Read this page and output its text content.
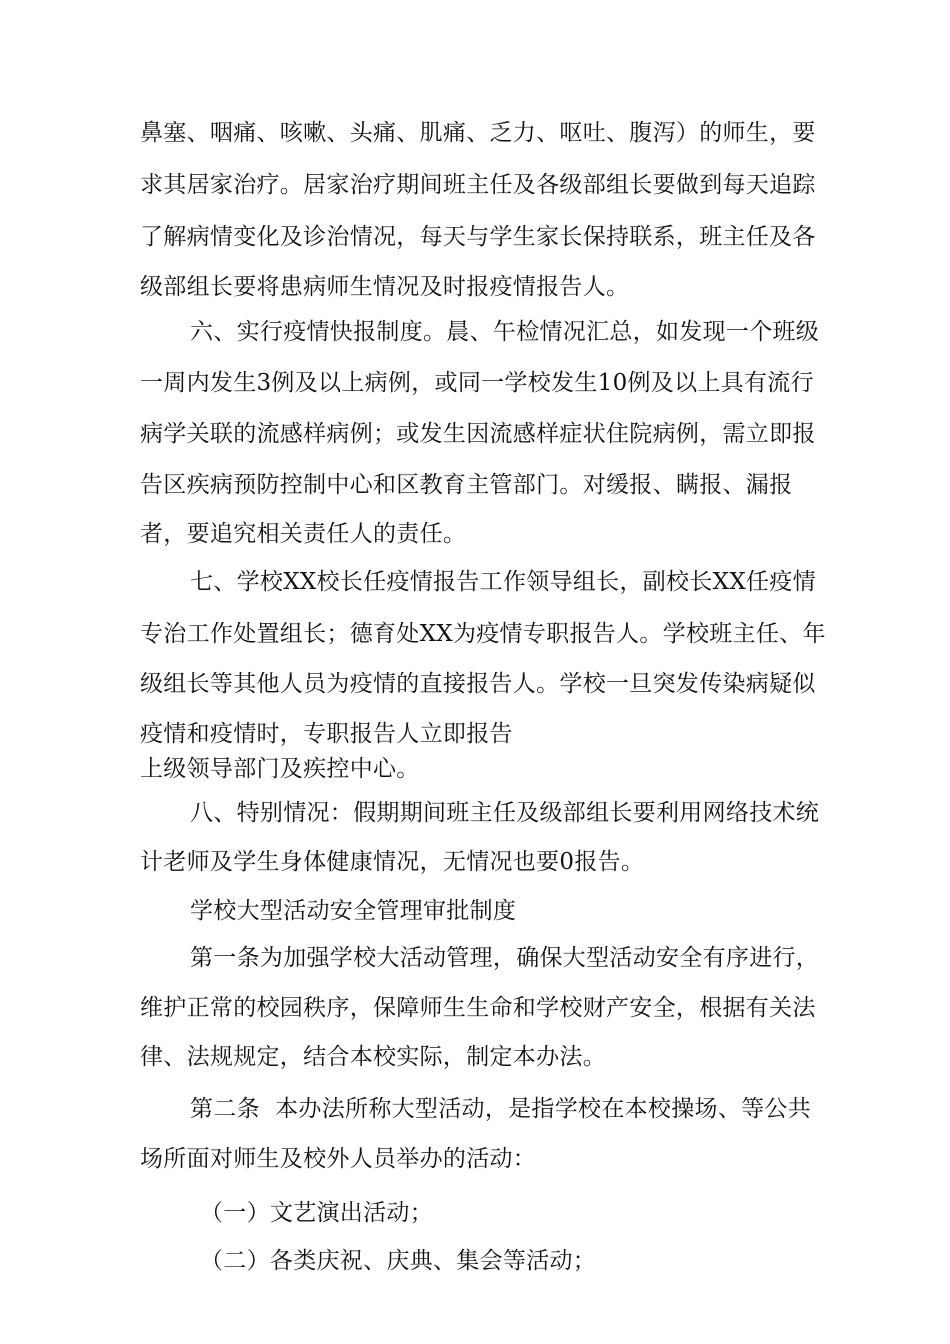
鼻塞、咽痛、咳嗽、头痛、肌痛、乏力、呕吐、腹泻）的师生，要
求其居家治疗。居家治疗期间班主任及各级部组长要做到每天追踪
了解病情变化及诊治情况，每天与学生家长保持联系，班主任及各
级部组长要将患病师生情况及时报疫情报告人。
六、实行疫情快报制度。晨、午检情况汇总，如发现一个班级
一周内发生3例及以上病例，或同一学校发生10例及以上具有流行
病学关联的流感样病例；或发生因流感样症状住院病例，需立即报
告区疾病预防控制中心和区教育主管部门。对缓报、瞒报、漏报
者，要追究相关责任人的责任。
七、学校XX校长任疫情报告工作领导组长，副校长XX任疫情
专治工作处置组长；德育处XX为疫情专职报告人。学校班主任、年
级组长等其他人员为疫情的直接报告人。学校一旦突发传染病疑似
疫情和疫情时，专职报告人立即报告
上级领导部门及疾控中心。
八、特别情况：假期期间班主任及级部组长要利用网络技术统
计老师及学生身体健康情况，无情况也要0报告。
学校大型活动安全管理审批制度
第一条为加强学校大活动管理，确保大型活动安全有序进行，
维护正常的校园秩序，保障师生生命和学校财产安全，根据有关法
律、法规规定，结合本校实际，制定本办法。
第二条  本办法所称大型活动，是指学校在本校操场、等公共
场所面对师生及校外人员举办的活动：
（一）文艺演出活动；
（二）各类庆祝、庆典、集会等活动；
